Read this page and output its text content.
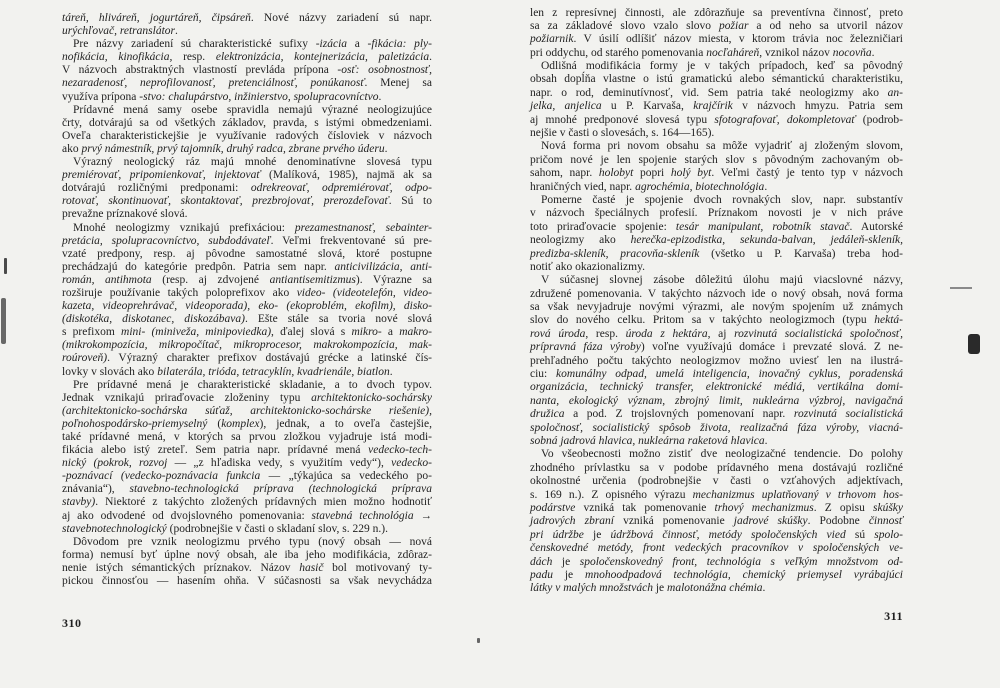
táreň, hliváreň, jogurtáreň, čipsáreň. Nové názvy zariadení sú napr.
urýchľovač, retranslátor.
Pre názvy zariadení sú charakteristické sufixy -izácia a -fikácia: ply-
nofikácia, kinofikácia, resp. elektronizácia, kontejnerizácia, paletizácia.
V názvoch abstraktných vlastností prevláda prípona -osť: osobnostnosť,
nezaradenosť, neprofilovanosť, pretenciálnosť, ponúkanosť. Menej sa
využíva prípona -stvo: chalupárstvo, inžinierstvo, spolupracovníctvo.
Prídavné mená samy osebe spravidla nemajú výrazné neologizujúce
črty, dotvárajú sa od všetkých základov, pravda, s istými obmedzeniami.
Oveľa charakteristickejšie je využívanie radových čísloviek v názvoch
ako prvý námestník, prvý tajomník, druhý radca, zbrane prvého úderu.
Výrazný neologický ráz majú mnohé denominatívne slovesá typu
premiérovať, pripomienkovať, injektovať (Malíková, 1985), najmä ak sa
dotvárajú rozličnými predponami: odrekreovať, odpremiérovať, odpo-
rotovať, skontinuovať, skontaktovať, prezbrojovať, prerozdeľovať. Sú to
prevažne príznakové slová.
Mnohé neologizmy vznikajú prefixáciou: prezamestnanosť, sebainter-
pretácia, spolupracovníctvo, subdodávateľ. Veľmi frekventované sú pre-
vzaté predpony, resp. aj pôvodne samostatné slová, ktoré postupne
prechádzajú do kategórie predpôn. Patria sem napr. anticivilizácia, anti-
román, antihmota (resp. aj zdvojené antiantisemitizmus). Výrazne sa
rozširuje používanie takých poloprefixov ako video- (videotelefón, video-
kazeta, videoprehrávač, videoporada), eko- (ekoproblém, ekofilm), disko-
(diskotéka, diskotanec, diskozábava). Ešte stále sa tvoria nové slová
s prefixom mini- (miniveža, minipoviedka), ďalej slová s mikro- a makro-
(mikrokompozícia, mikropočítač, mikroprocesor, makrokompozícia, mak-
roúroveň). Výrazný charakter prefixov dostávajú grécke a latinské čís-
lovky v slovách ako bilaterála, trióda, tetracyklín, kvadrienále, biatlon.
Pre prídavné mená je charakteristické skladanie, a to dvoch typov.
Jednak vznikajú priraďovacie zloženiny typu architektonicko-sochársky
(architektonicko-sochárska súťaž, architektonicko-sochárske riešenie),
poľnohospodársko-priemyselný (komplex), jednak, a to oveľa častejšie,
také prídavné mená, v ktorých sa prvou zložkou vyjadruje istá modi-
fikácia alebo istý zreteľ. Sem patria napr. prídavné mená vedecko-tech-
nický (pokrok, rozvoj — „z hľadiska vedy, s využitím vedy“), vedecko-
-poznávací (vedecko-poznávacia funkcia — „týkajúca sa vedeckého po-
znávania“), stavebno-technologická príprava (technologická príprava
stavby). Niektoré z takýchto zložených prídavných mien možno hodnotiť
aj ako odvodené od dvojslovného pomenovania: stavebná technológia →
stavebnotechnologický (podrobnejšie v časti o skladaní slov, s. 229 n.).
Dôvodom pre vznik neologizmu prvého typu (nový obsah — nová
forma) nemusí byť úplne nový obsah, ale iba jeho modifikácia, zdôraz-
nenie istých sémantických príznakov. Názov hasič bol motivovaný ty-
pickou činnosťou — hasením ohňa. V súčasnosti sa však nevychádza
310
len z represívnej činnosti, ale zdôrazňuje sa preventívna činnosť, preto
sa za základové slovo vzalo slovo požiar a od neho sa utvoril názov
požiarnik. V úsilí odlíšiť názov miesta, v ktorom trávia noc železničiari
pri oddychu, od starého pomenovania nocľaháreň, vznikol názov nocovňa.
Odlišná modifikácia formy je v takých prípadoch, keď sa pôvodný
obsah dopĺňa vlastne o istú gramatickú alebo sémantickú charakteristiku,
napr. o rod, deminutívnosť, vid. Sem patria také neologizmy ako an-
jelka, anjelica u P. Karvaša, krajčírik v názvoch hmyzu. Patria sem
aj mnohé predponové slovesá typu sfotografovať, dokompletovať (podrob-
nejšie v časti o slovesách, s. 164—165).
Nová forma pri novom obsahu sa môže vyjadriť aj zloženým slovom,
pričom nové je len spojenie starých slov s pôvodným zachovaným ob-
sahom, napr. holobyt popri holý byt. Veľmi častý je tento typ v názvoch
hraničných vied, napr. agrochémia, biotechnológia.
Pomerne časté je spojenie dvoch rovnakých slov, napr. substantív
v názvoch špeciálnych profesií. Príznakom novosti je v nich práve
toto priraďovacie spojenie: tesár manipulant, robotník stavač. Autorské
neologizmy ako herečka-epizodistka, sekunda-balvan, jedáleň-skleník,
predizba-skleník, pracovňa-skleník (všetko u P. Karvaša) treba hod-
notiť ako okazionalizmy.
V súčasnej slovnej zásobe dôležitú úlohu majú viacslovné názvy,
združené pomenovania. V takýchto názvoch ide o nový obsah, nová forma
sa však nevyjadruje novými výrazmi, ale novým spojením už známych
slov do nového celku. Pritom sa v takýchto neologizmoch (typu hektá-
rová úroda, resp. úroda z hektára, aj rozvinutá socialistická spoločnosť,
prípravná fáza výroby) voľne využívajú domáce i prevzaté slová. Z ne-
prehľadného počtu takýchto neologizmov možno uviesť len na ilustrá-
ciu: komunálny odpad, umelá inteligencia, inovačný cyklus, poradenská
organizácia, technický transfer, elektronické médiá, vertikálna domi-
nanta, ekologický význam, zbrojný limit, nukleárna výzbroj, navigačná
družica a pod. Z trojslovných pomenovaní napr. rozvinutá socialistická
spoločnosť, socialistický spôsob života, realizačná fáza výroby, viacná-
sobná jadrová hlavica, nukleárna raketová hlavica.
Vo všeobecnosti možno zistiť dve neologizačné tendencie. Do polohy
zhodného prívlastku sa v podobe prídavného mena dostávajú rozličné
okolnostné určenia (podrobnejšie v časti o vzťahových adjektívach,
s. 169 n.). Z opisného výrazu mechanizmus uplatňovaný v trhovom hos-
podárstve vzniká tak pomenovanie trhový mechanizmus. Z opisu skúšky
jadrových zbraní vzniká pomenovanie jadrové skúšky. Podobne činnosť
pri údržbe je údržbová činnosť, metódy spoločenských vied sú spolo-
čenskovedné metódy, front vedeckých pracovníkov v spoločenských ve-
dách je spoločenskovedný front, technológia s veľkým množstvom od-
padu je mnohoodpadová technológia, chemický priemysel vyrábajúci
látky v malých množstvách je malotonážna chémia.
311
